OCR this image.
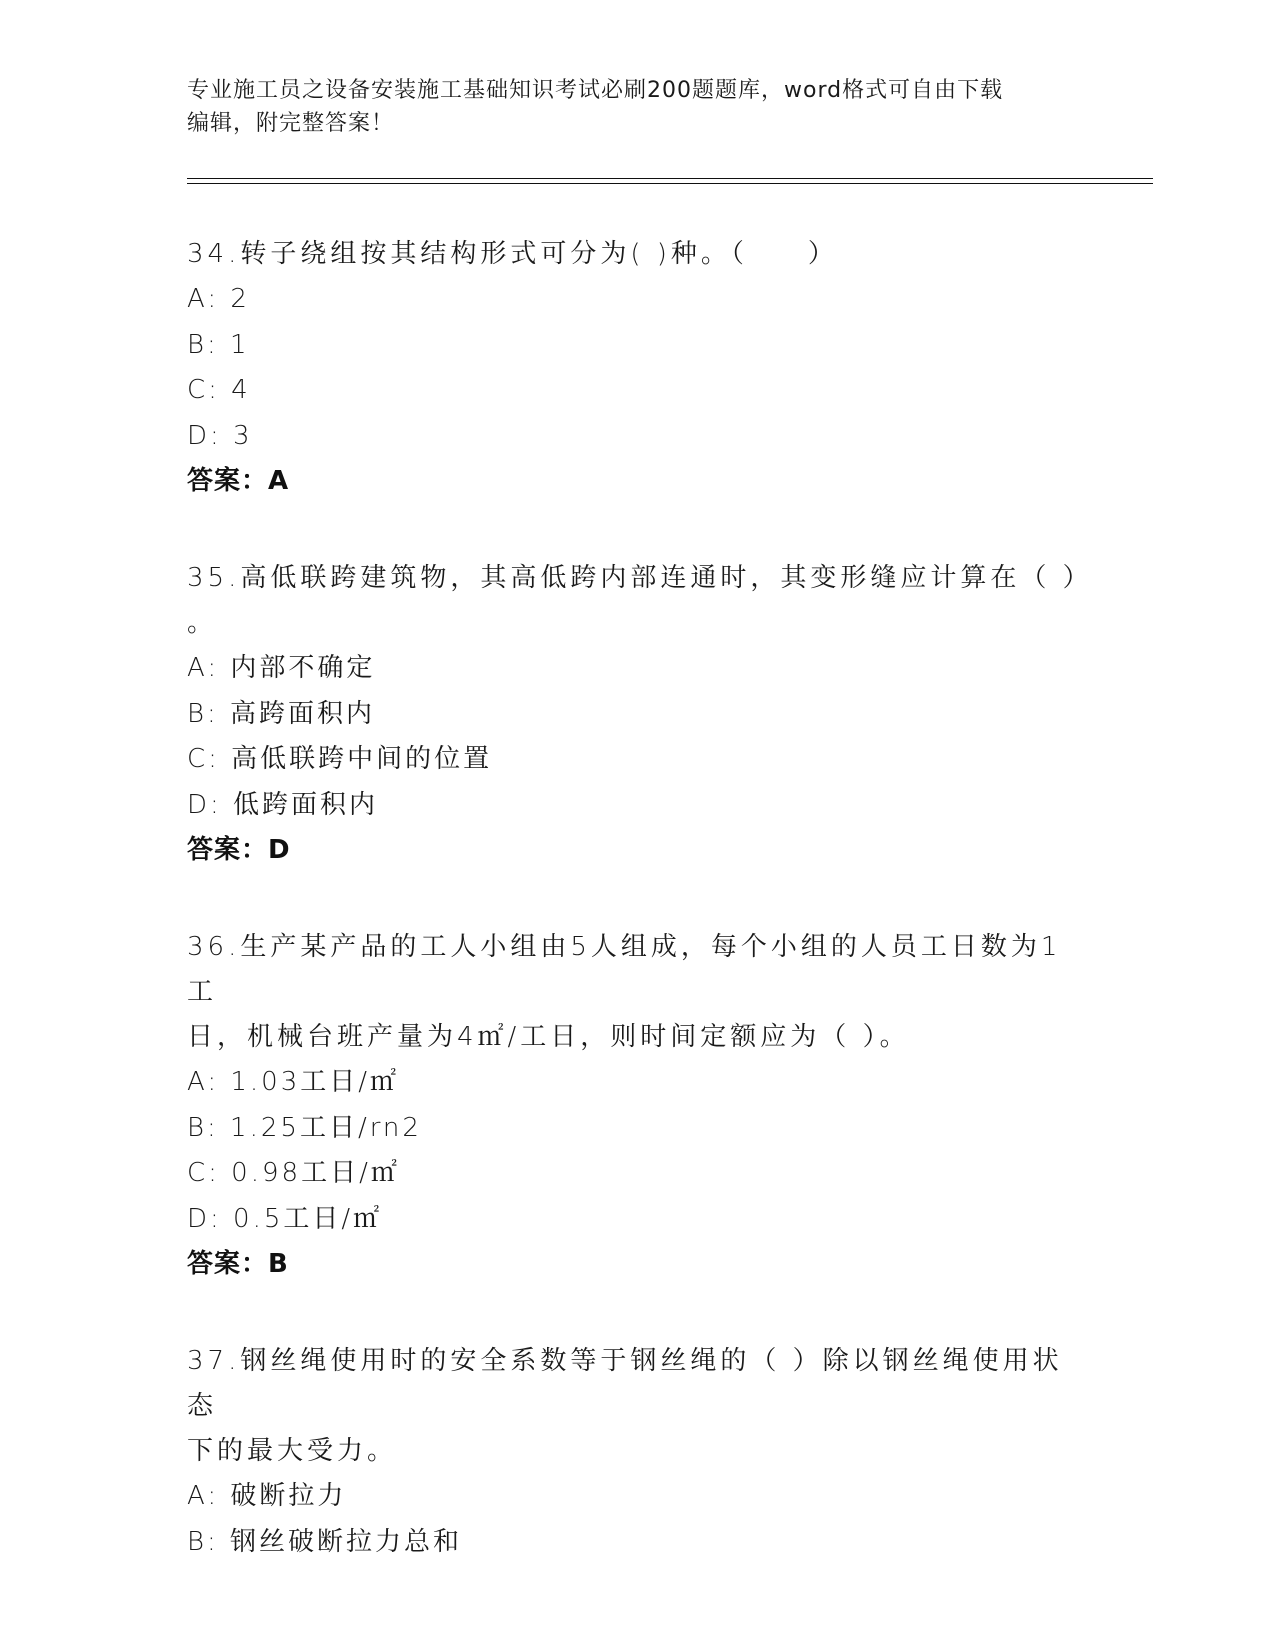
专业施工员之设备安装施工基础知识考试必刷200题题库，word格式可自由下载
编辑，附完整答案！
34.转子绕组按其结构形式可分为( )种。（　　）
A: 2
B: 1
C: 4
D: 3
答案：A
35.高低联跨建筑物，其高低跨内部连通时，其变形缝应计算在（ ）
。
A: 内部不确定
B: 高跨面积内
C: 高低联跨中间的位置
D: 低跨面积内
答案：D
36.生产某产品的工人小组由5人组成，每个小组的人员工日数为1工
日，机械台班产量为4㎡/工日，则时间定额应为（ ）。
A: 1.03工日/㎡
B: 1.25工日/rn2
C: 0.98工日/㎡
D: 0.5工日/㎡
答案：B
37.钢丝绳使用时的安全系数等于钢丝绳的（ ）除以钢丝绳使用状态
下的最大受力。
A: 破断拉力
B: 钢丝破断拉力总和
